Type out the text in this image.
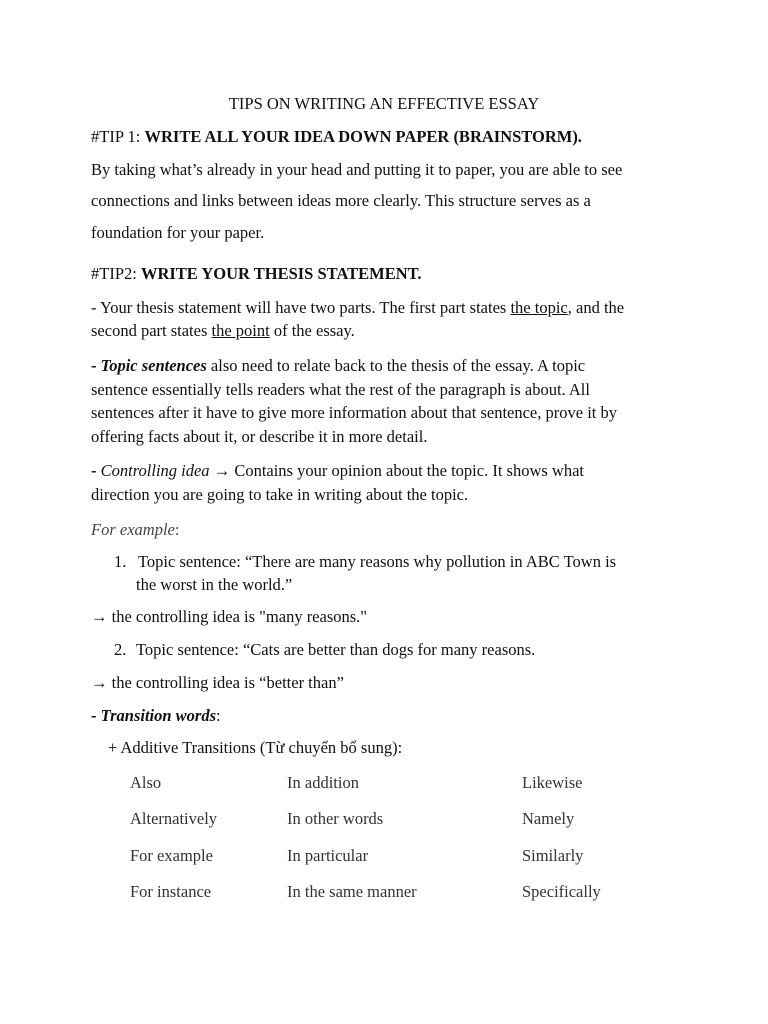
TIPS ON WRITING AN EFFECTIVE ESSAY
#TIP 1: WRITE ALL YOUR IDEA DOWN PAPER (BRAINSTORM).
By taking what’s already in your head and putting it to paper, you are able to see
connections and links between ideas more clearly. This structure serves as a
foundation for your paper.
#TIP2: WRITE YOUR THESIS STATEMENT.
- Your thesis statement will have two parts. The first part states the topic, and the
second part states the point of the essay.
- Topic sentences also need to relate back to the thesis of the essay. A topic
sentence essentially tells readers what the rest of the paragraph is about. All
sentences after it have to give more information about that sentence, prove it by
offering facts about it, or describe it in more detail.
- Controlling idea → Contains your opinion about the topic. It shows what
direction you are going to take in writing about the topic.
For example:
1. Topic sentence: “There are many reasons why pollution in ABC Town is
the worst in the world.”
→ the controlling idea is "many reasons."
2. Topic sentence: “Cats are better than dogs for many reasons.
→ the controlling idea is “better than”
- Transition words:
+ Additive Transitions (Từ chuyển bổ sung):
Also	In addition	Likewise
Alternatively	In other words	Namely
For example	In particular	Similarly
For instance	In the same manner	Specifically
